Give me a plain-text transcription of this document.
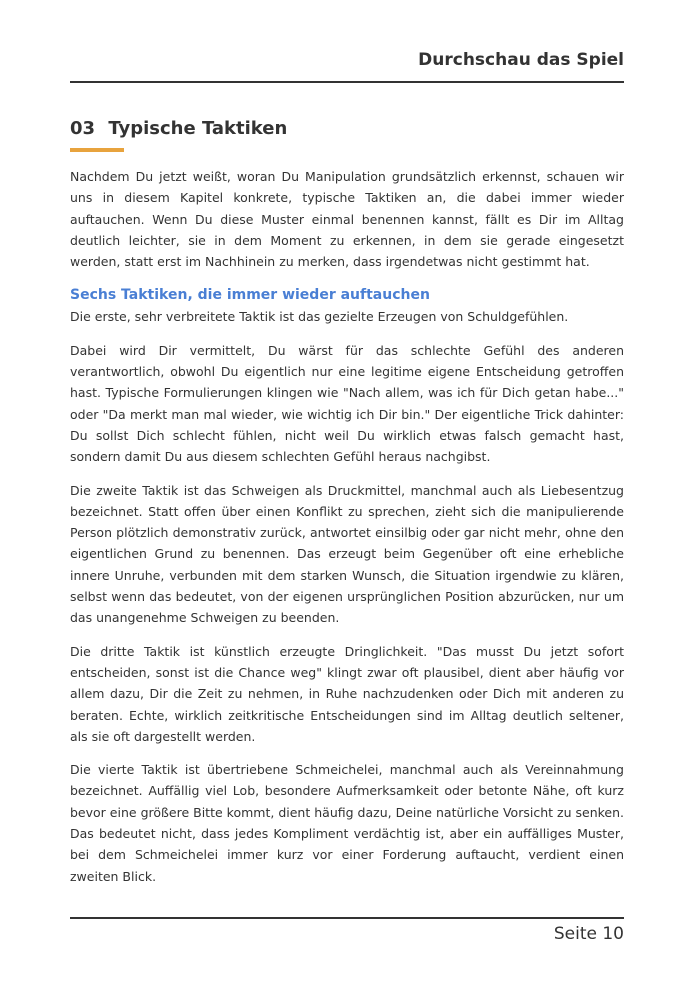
Durchschau das Spiel
03 Typische Taktiken

Nachdem Du jetzt weißt, woran Du Manipulation grundsätzlich erkennst, schauen wir uns in diesem Kapitel konkrete, typische Taktiken an, die dabei immer wieder auftauchen. Wenn Du diese Muster einmal benennen kannst, fällt es Dir im Alltag deutlich leichter, sie in dem Moment zu erkennen, in dem sie gerade eingesetzt werden, statt erst im Nachhinein zu merken, dass irgendetwas nicht gestimmt hat.

Sechs Taktiken, die immer wieder auftauchen

Die erste, sehr verbreitete Taktik ist das gezielte Erzeugen von Schuldgefühlen.

Dabei wird Dir vermittelt, Du wärst für das schlechte Gefühl des anderen verantwortlich, obwohl Du eigentlich nur eine legitime eigene Entscheidung getroffen hast. Typische Formulierungen klingen wie "Nach allem, was ich für Dich getan habe..." oder "Da merkt man mal wieder, wie wichtig ich Dir bin." Der eigentliche Trick dahinter: Du sollst Dich schlecht fühlen, nicht weil Du wirklich etwas falsch gemacht hast, sondern damit Du aus diesem schlechten Gefühl heraus nachgibst.

Die zweite Taktik ist das Schweigen als Druckmittel, manchmal auch als Liebesentzug bezeichnet. Statt offen über einen Konflikt zu sprechen, zieht sich die manipulierende Person plötzlich demonstrativ zurück, antwortet einsilbig oder gar nicht mehr, ohne den eigentlichen Grund zu benennen. Das erzeugt beim Gegenüber oft eine erhebliche innere Unruhe, verbunden mit dem starken Wunsch, die Situation irgendwie zu klären, selbst wenn das bedeutet, von der eigenen ursprünglichen Position abzurücken, nur um das unangenehme Schweigen zu beenden.

Die dritte Taktik ist künstlich erzeugte Dringlichkeit. "Das musst Du jetzt sofort entscheiden, sonst ist die Chance weg" klingt zwar oft plausibel, dient aber häufig vor allem dazu, Dir die Zeit zu nehmen, in Ruhe nachzudenken oder Dich mit anderen zu beraten. Echte, wirklich zeitkritische Entscheidungen sind im Alltag deutlich seltener, als sie oft dargestellt werden.

Die vierte Taktik ist übertriebene Schmeichelei, manchmal auch als Vereinnahmung bezeichnet. Auffällig viel Lob, besondere Aufmerksamkeit oder betonte Nähe, oft kurz bevor eine größere Bitte kommt, dient häufig dazu, Deine natürliche Vorsicht zu senken. Das bedeutet nicht, dass jedes Kompliment verdächtig ist, aber ein auffälliges Muster, bei dem Schmeichelei immer kurz vor einer Forderung auftaucht, verdient einen zweiten Blick.

Seite 10
